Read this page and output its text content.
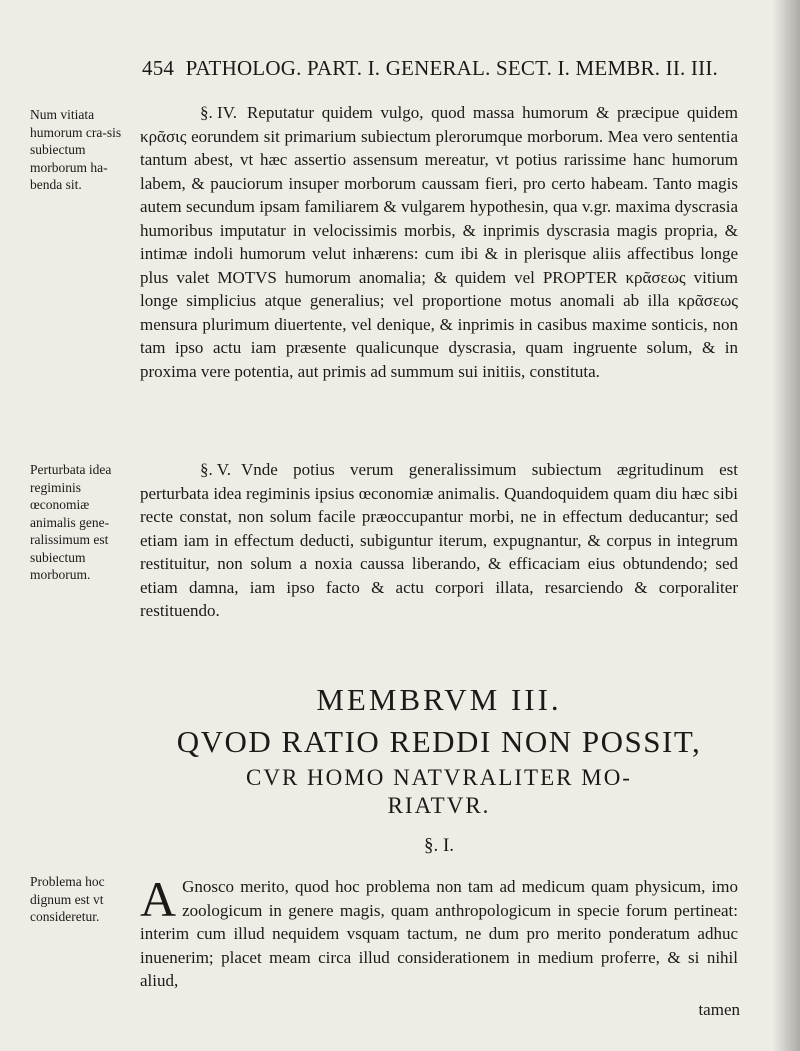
454 PATHOLOG. PART. I. GENERAL. SECT. I. MEMBR. II. III.
Num vitiata humorum cra-sis subiectum morborum ha-benda sit.
Perturbata idea regiminis œconomiæ animalis gene-ralissimum est subiectum morborum.
Problema hoc dignum est vt consideretur.
§. IV. Reputatur quidem vulgo, quod massa humorum & præcipue quidem κρᾶσις eorundem sit primarium subiectum plerorumque morborum. Mea vero sententia tantum abest, vt hæc assertio assensum mereatur, vt potius rarissime hanc humorum labem, & pauciorum insuper morborum caussam fieri, pro certo habeam. Tanto magis autem secundum ipsam familiarem & vulgarem hypothesin, qua v.gr. maxima dyscrasia humoribus imputatur in velocissimis morbis, & inprimis dyscrasia magis propria, & intimæ indoli humorum velut inhærens: cum ibi & in plerisque aliis affectibus longe plus valet MOTVS humorum anomalia; & quidem vel PROPTER κρᾶσεως vitium longe simplicius atque generalius; vel proportione motus anomali ab illa κρᾶσεως mensura plurimum diuertente, vel denique, & inprimis in casibus maxime sonticis, non tam ipso actu iam præsente qualicunque dyscrasia, quam ingruente solum, & in proxima vere potentia, aut primis ad summum sui initiis, constituta.
§. V. Vnde potius verum generalissimum subiectum ægritudinum est perturbata idea regiminis ipsius œconomiæ animalis. Quandoquidem quam diu hæc sibi recte constat, non solum facile præoccupantur morbi, ne in effectum deducantur; sed etiam iam in effectum deducti, subiguntur iterum, expugnantur, & corpus in integrum restituitur, non solum a noxia caussa liberando, & efficaciam eius obtundendo; sed etiam damna, iam ipso facto & actu corpori illata, resarciendo & corporaliter restituendo.
MEMBRVM III.
QVOD RATIO REDDI NON POSSIT,
CVR HOMO NATVRALITER MO-
RIATVR.
§. I.
A Gnosco merito, quod hoc problema non tam ad medicum quam physicum, imo zoologicum in genere magis, quam anthropologicum in specie forum pertineat: interim cum illud nequidem vsquam tactum, ne dum pro merito ponderatum adhuc inuenerim; placet meam circa illud considerationem in medium proferre, & si nihil aliud,
tamen
